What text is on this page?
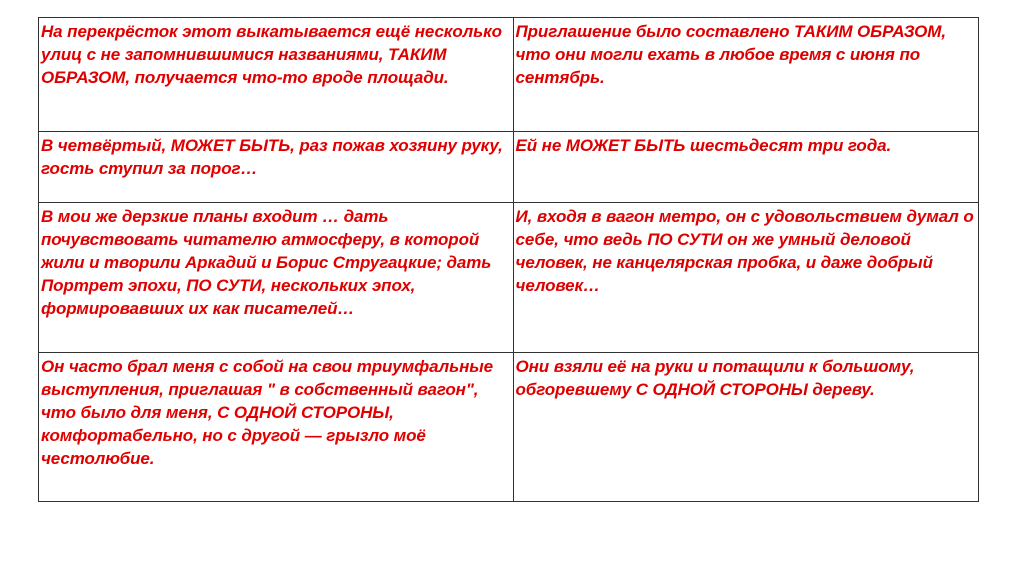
На перекрёсток этот выкатывается ещё несколько улиц с не запомнившимися названиями, ТАКИМ ОБРАЗОМ, получается что-то вроде площади.	Приглашение было составлено ТАКИМ ОБРАЗОМ, что они могли ехать в любое время с июня по сентябрь.
В четвёртый, МОЖЕТ БЫТЬ, раз пожав хозяину руку, гость ступил за порог…	Ей не МОЖЕТ БЫТЬ шестьдесят три года.
В мои же дерзкие планы входит … дать почувствовать читателю атмосферу, в которой жили и творили Аркадий и Борис Стругацкие; дать Портрет эпохи, ПО СУТИ, нескольких эпох, формировавших их как писателей…	И, входя в вагон метро, он с удовольствием думал о себе, что ведь ПО СУТИ он же умный деловой человек, не канцелярская пробка, и даже добрый человек…
Он часто брал меня с собой на свои триумфальные выступления, приглашая " в собственный вагон", что было для меня, С ОДНОЙ СТОРОНЫ, комфортабельно, но с другой — грызло моё честолюбие.	Они взяли её на руки и потащили к большому, обгоревшему С ОДНОЙ СТОРОНЫ дереву.
